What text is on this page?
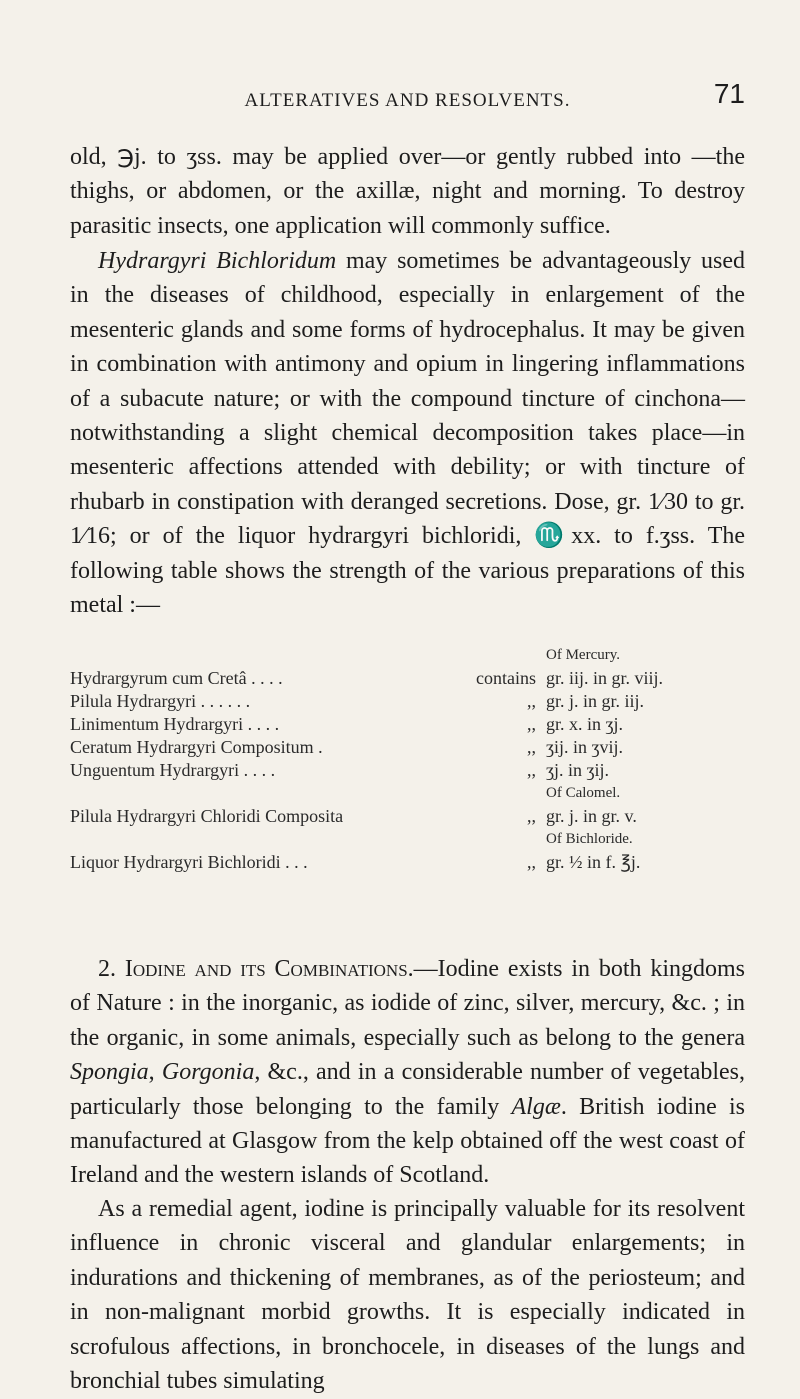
ALTERATIVES AND RESOLVENTS.	71

old, ℈j. to ʒss. may be applied over—or gently rubbed into —the thighs, or abdomen, or the axillæ, night and morning. To destroy parasitic insects, one application will commonly suffice.

Hydrargyri Bichloridum may sometimes be advantageously used in the diseases of childhood, especially in enlargement of the mesenteric glands and some forms of hydrocephalus. It may be given in combination with antimony and opium in lingering inflammations of a subacute nature; or with the compound tincture of cinchona—notwithstanding a slight chemical decomposition takes place—in mesenteric affections attended with debility; or with tincture of rhubarb in constipation with deranged secretions. Dose, gr. 1⁄30 to gr. 1⁄16; or of the liquor hydrargyri bichloridi, ♏xx. to f.ʒss. The following table shows the strength of the various preparations of this metal :—

Of Mercury.
Hydrargyrum cum Cretâ . . . .	contains gr. iij. in gr. viij.
Pilula Hydrargyri . . . . . .	,, gr. j. in gr. iij.
Linimentum Hydrargyri . . . .	,, gr. x. in ʒj.
Ceratum Hydrargyri Compositum .	,, ʒij. in ʒvij.
Unguentum Hydrargyri . . . .	,, ʒj. in ʒij.
Of Calomel.
Pilula Hydrargyri Chloridi Composita	,, gr. j. in gr. v.
Of Bichloride.
Liquor Hydrargyri Bichloridi . . .	,, gr. ½ in f. ℥j.

2. Iodine and its Combinations.—Iodine exists in both kingdoms of Nature : in the inorganic, as iodide of zinc, silver, mercury, &c. ; in the organic, in some animals, especially such as belong to the genera Spongia, Gorgonia, &c., and in a considerable number of vegetables, particularly those belonging to the family Algæ. British iodine is manufactured at Glasgow from the kelp obtained off the west coast of Ireland and the western islands of Scotland.

As a remedial agent, iodine is principally valuable for its resolvent influence in chronic visceral and glandular enlargements; in indurations and thickening of membranes, as of the periosteum; and in non-malignant morbid growths. It is especially indicated in scrofulous affections, in bronchocele, in diseases of the lungs and bronchial tubes simulating
